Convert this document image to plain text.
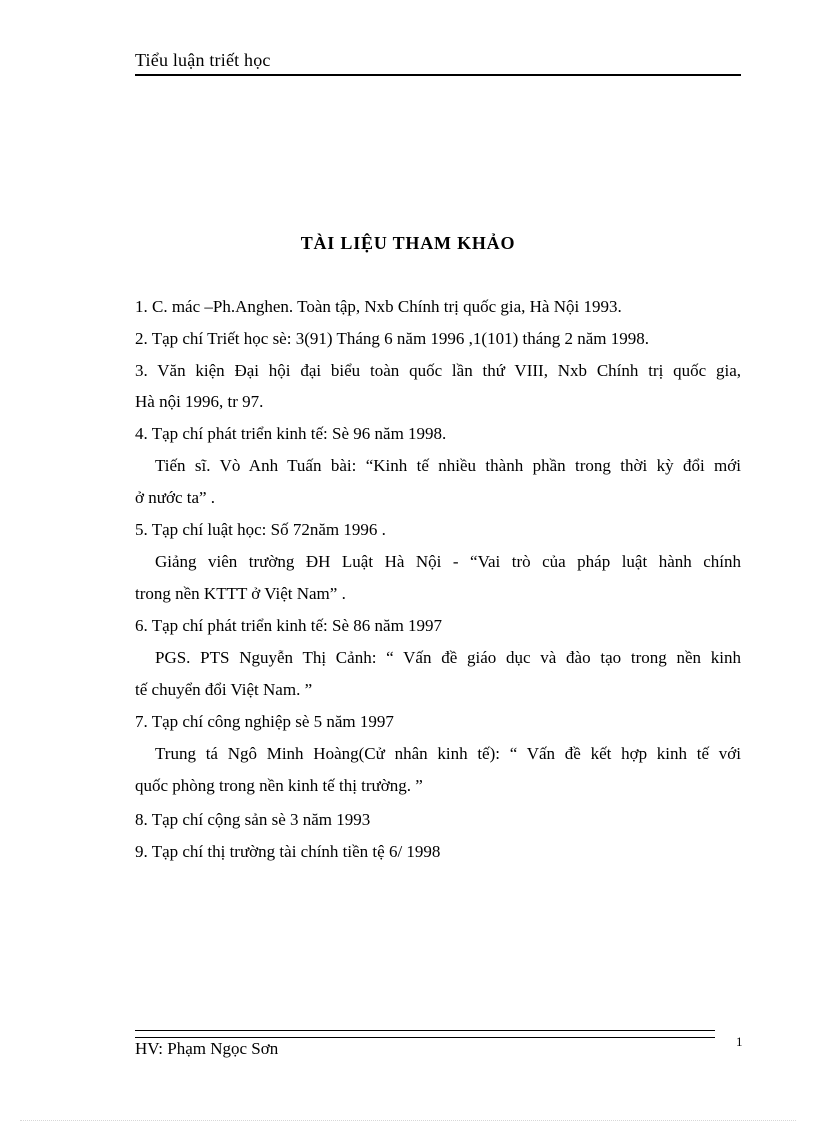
Tiểu luận triết học
TÀI LIỆU THAM KHẢO
1. C. mác –Ph.Anghen. Toàn tập, Nxb Chính trị quốc gia, Hà Nội 1993.
2. Tạp chí Triết học sè: 3(91) Tháng 6 năm 1996 ,1(101) tháng 2 năm 1998.
3. Văn kiện Đại hội đại biểu toàn quốc lần thứ VIII, Nxb Chính trị quốc gia,
Hà nội 1996, tr 97.
4. Tạp chí phát triển kinh tế: Sè 96 năm 1998.
Tiến sĩ. Vò Anh Tuấn bài: “Kinh tế nhiều thành phần trong thời kỳ đổi mới
ở nước ta” .
5. Tạp chí luật học: Số 72năm 1996 .
Giảng viên trường ĐH Luật Hà Nội - “Vai trò của pháp luật hành chính
trong nền KTTT ở Việt Nam” .
6. Tạp chí phát triển kinh tế: Sè 86 năm 1997
PGS. PTS Nguyễn Thị Cảnh: “ Vấn đề giáo dục và đào tạo trong nền kinh
tế chuyển đổi Việt Nam. ”
7. Tạp chí công nghiệp sè 5 năm 1997
Trung tá Ngô Minh Hoàng(Cử nhân kinh tế): “ Vấn đề kết hợp kinh tế với
quốc phòng trong nền kinh tế thị trường. ”
8. Tạp chí cộng sản sè 3 năm 1993
9. Tạp chí thị trường tài chính tiền tệ 6/ 1998
HV: Phạm Ngọc Sơn	1
